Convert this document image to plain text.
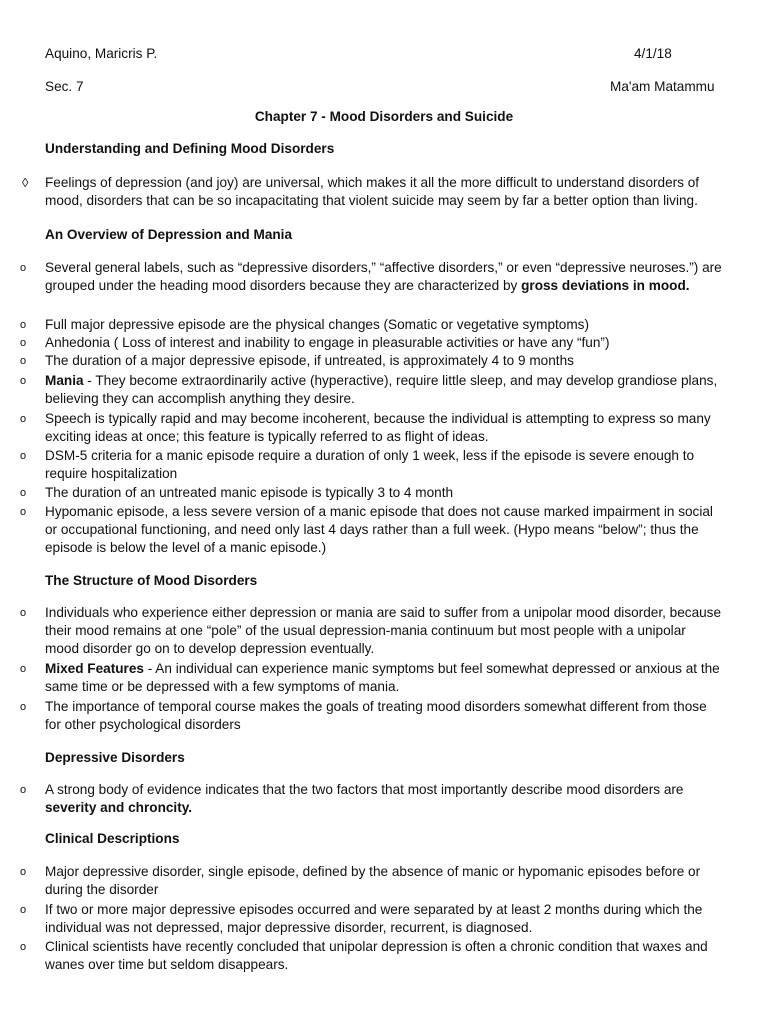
Aquino, Maricris P.	4/1/18
Sec. 7	Ma'am Matammu
Chapter 7 - Mood Disorders and Suicide
Understanding and Defining Mood Disorders
◊	Feelings of depression (and joy) are universal, which makes it all the more difficult to understand disorders of mood, disorders that can be so incapacitating that violent suicide may seem by far a better option than living.
An Overview of Depression and Mania
o	Several general labels, such as “depressive disorders,” “affective disorders,” or even “depressive neuroses.”) are grouped under the heading mood disorders because they are characterized by gross deviations in mood.
o	Full major depressive episode are the physical changes (Somatic or vegetative symptoms)
o	Anhedonia ( Loss of interest and inability to engage in pleasurable activities or have any “fun”)
o	The duration of a major depressive episode, if untreated, is approximately 4 to 9 months
o	Mania - They become extraordinarily active (hyperactive), require little sleep, and may develop grandiose plans, believing they can accomplish anything they desire.
o	Speech is typically rapid and may become incoherent, because the individual is attempting to express so many exciting ideas at once; this feature is typically referred to as flight of ideas.
o	DSM-5 criteria for a manic episode require a duration of only 1 week, less if the episode is severe enough to require hospitalization
o	The duration of an untreated manic episode is typically 3 to 4 month
o	Hypomanic episode, a less severe version of a manic episode that does not cause marked impairment in social or occupational functioning, and need only last 4 days rather than a full week. (Hypo means “below”; thus the episode is below the level of a manic episode.)
The Structure of Mood Disorders
o	Individuals who experience either depression or mania are said to suffer from a unipolar mood disorder, because their mood remains at one “pole” of the usual depression-mania continuum but most people with a unipolar mood disorder go on to develop depression eventually.
o	Mixed Features - An individual can experience manic symptoms but feel somewhat depressed or anxious at the same time or be depressed with a few symptoms of mania.
o	The importance of temporal course makes the goals of treating mood disorders somewhat different from those for other psychological disorders
Depressive Disorders
o	A strong body of evidence indicates that the two factors that most importantly describe mood disorders are severity and chroncity.
Clinical Descriptions
o	Major depressive disorder, single episode, defined by the absence of manic or hypomanic episodes before or during the disorder
o	If two or more major depressive episodes occurred and were separated by at least 2 months during which the individual was not depressed, major depressive disorder, recurrent, is diagnosed.
o	Clinical scientists have recently concluded that unipolar depression is often a chronic condition that waxes and wanes over time but seldom disappears.
